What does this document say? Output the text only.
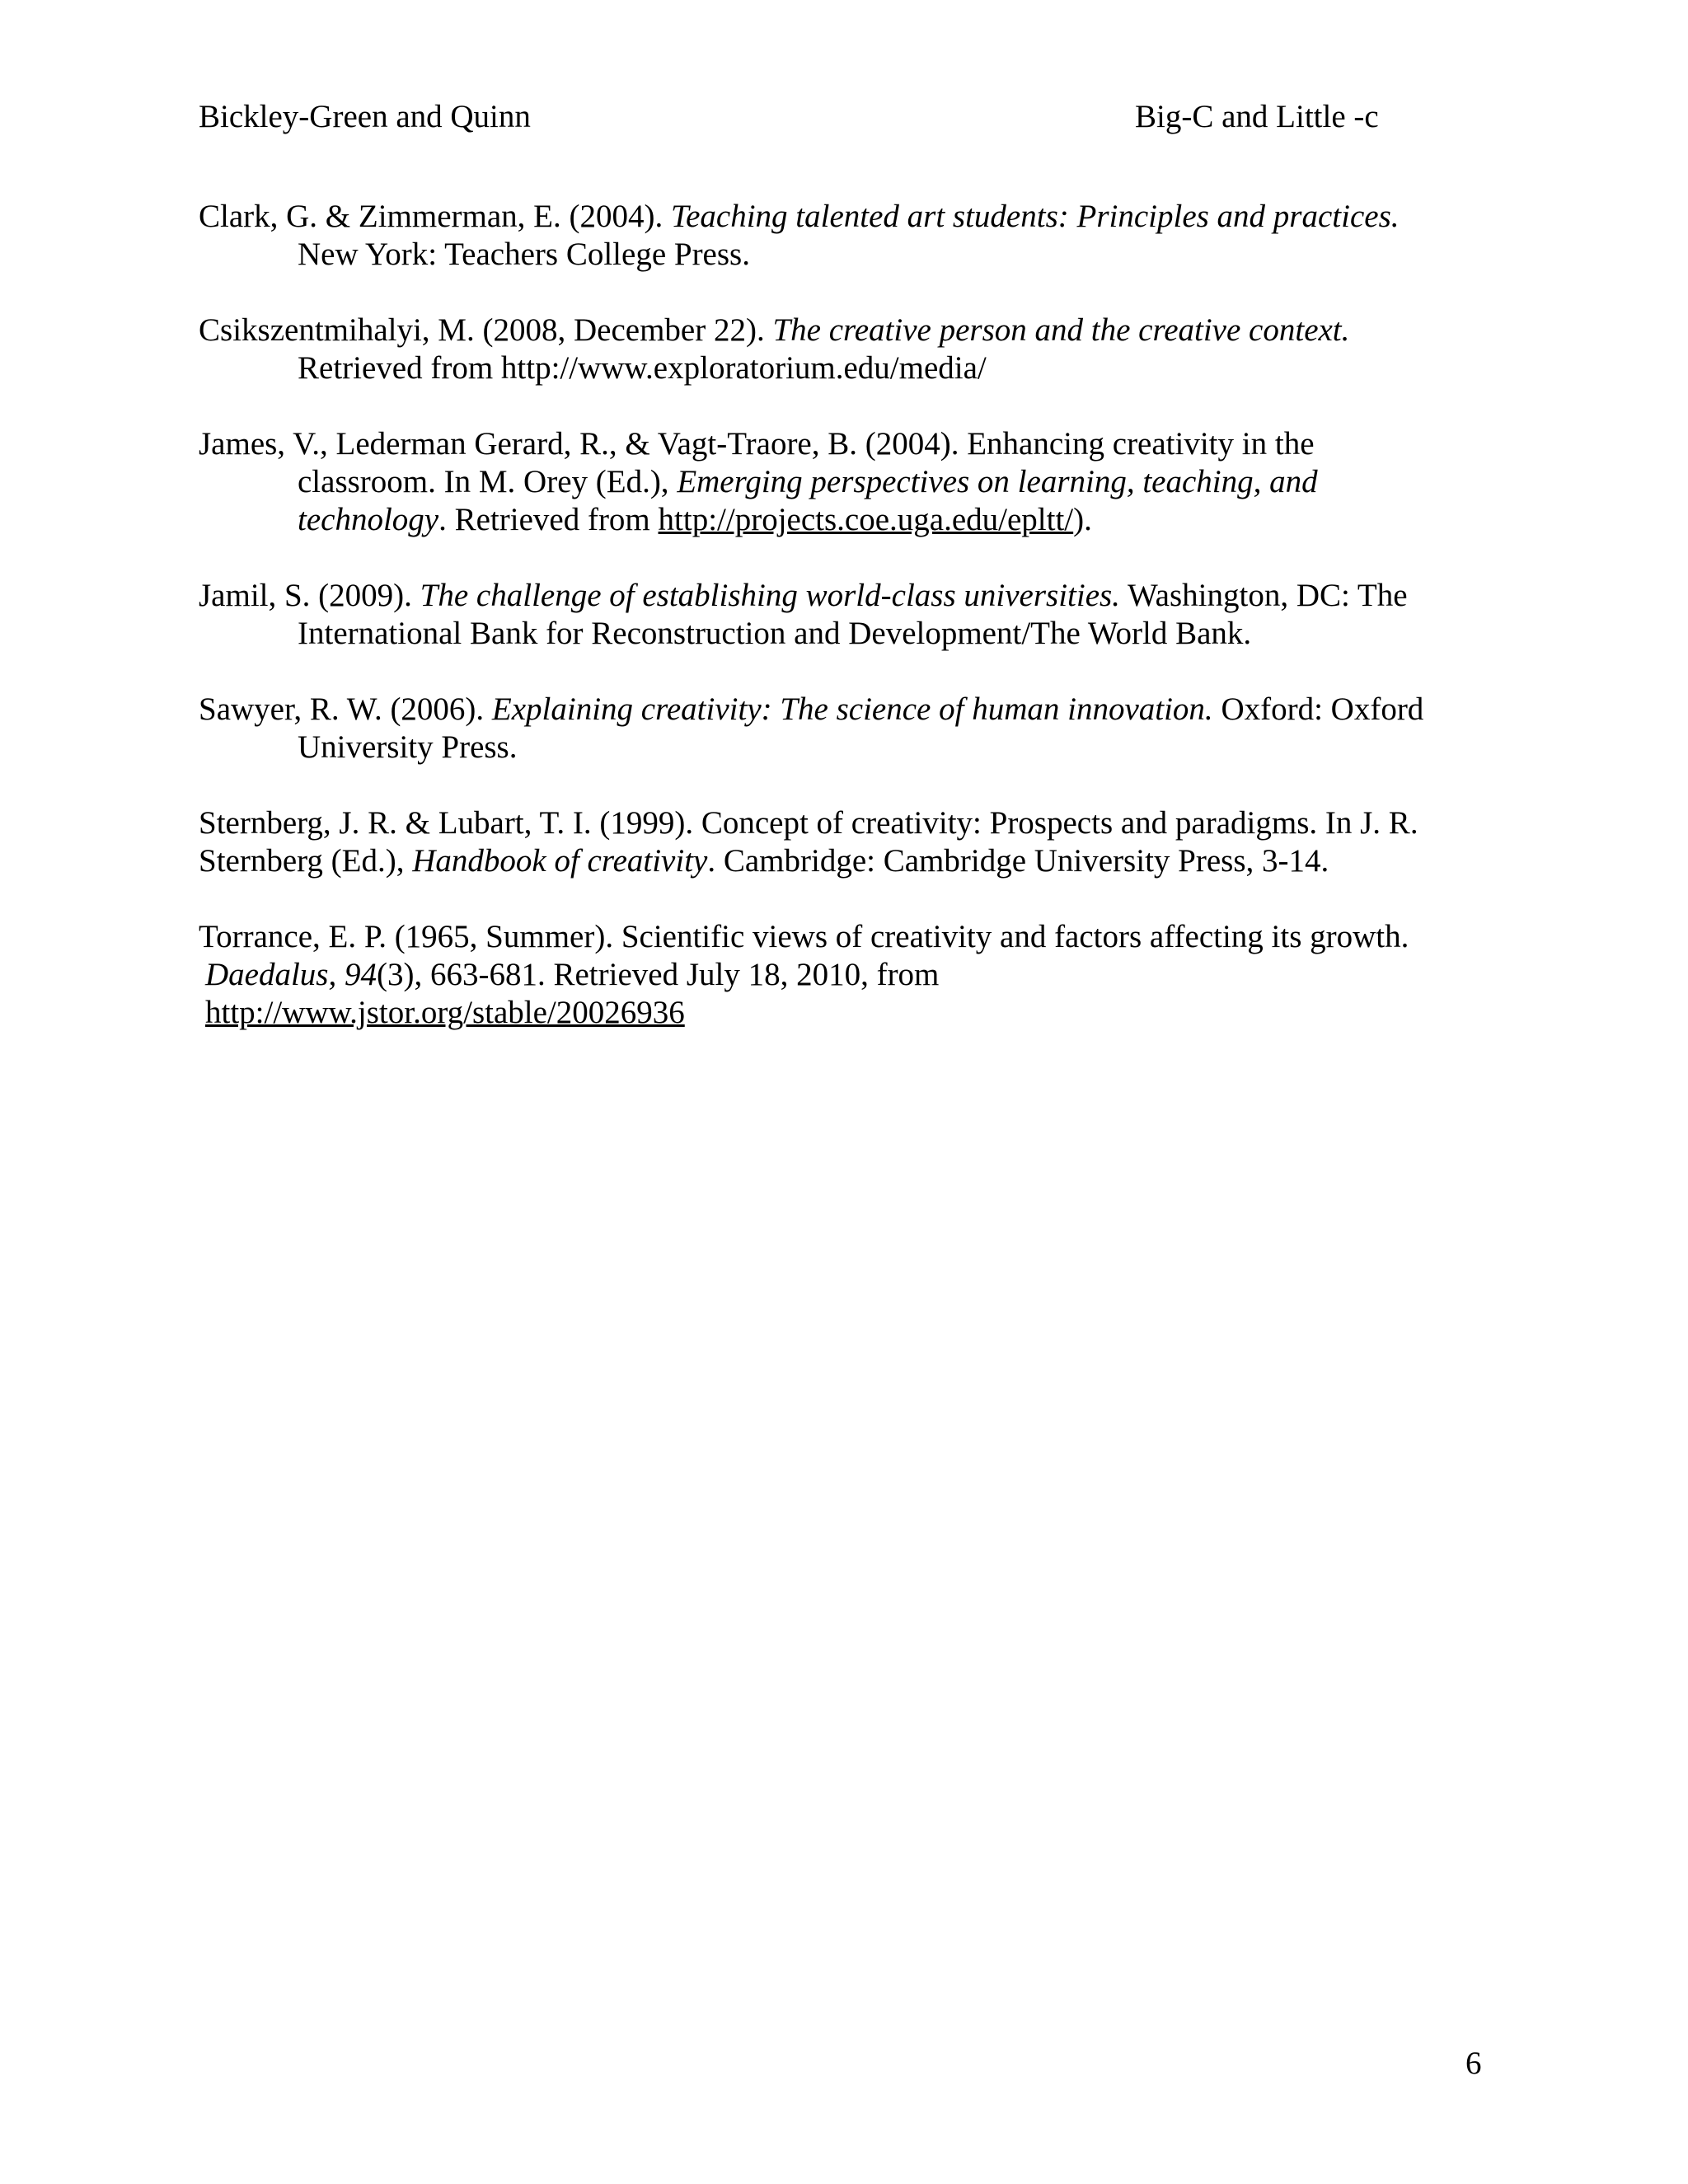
Bickley-Green and Quinn	Big-C and Little -c
Clark, G. & Zimmerman, E. (2004). Teaching talented art students: Principles and practices.
New York: Teachers College Press.
Csikszentmihalyi, M. (2008, December 22). The creative person and the creative context.
Retrieved from http://www.exploratorium.edu/media/
James, V., Lederman Gerard, R., & Vagt-Traore, B. (2004). Enhancing creativity in the
classroom. In M. Orey (Ed.), Emerging perspectives on learning, teaching, and
technology. Retrieved from http://projects.coe.uga.edu/epltt/).
Jamil, S. (2009). The challenge of establishing world-class universities. Washington, DC: The
International Bank for Reconstruction and Development/The World Bank.
Sawyer, R. W. (2006). Explaining creativity: The science of human innovation. Oxford: Oxford
University Press.
Sternberg, J. R. & Lubart, T. I. (1999). Concept of creativity: Prospects and paradigms. In J. R.
Sternberg (Ed.), Handbook of creativity. Cambridge: Cambridge University Press, 3-14.
Torrance, E. P. (1965, Summer). Scientific views of creativity and factors affecting its growth.
Daedalus, 94(3), 663-681. Retrieved July 18, 2010, from
http://www.jstor.org/stable/20026936
6
